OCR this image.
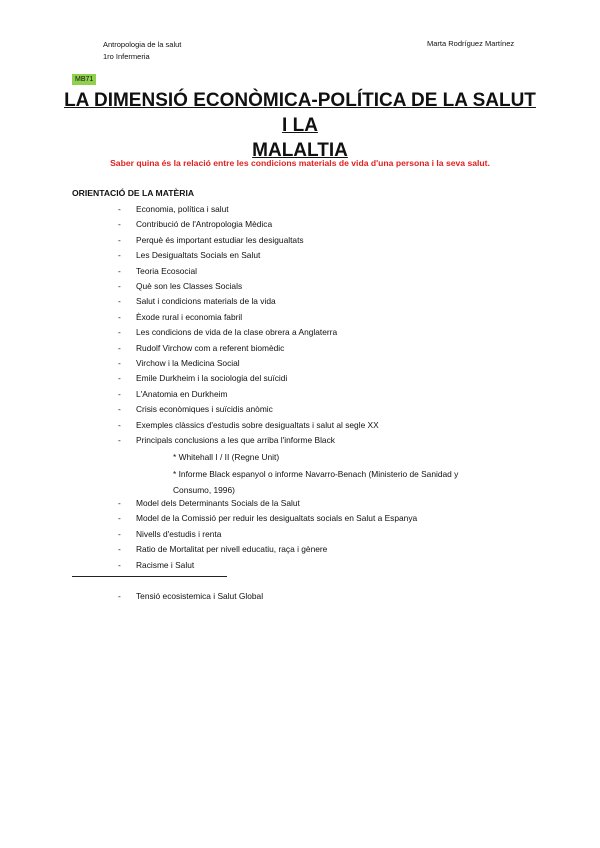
Antropologia de la salut
1ro Infermeria
Marta Rodríguez Martínez
MB71
LA DIMENSIÓ ECONÒMICA-POLÍTICA DE LA SALUT I LA
MALALTIA
Saber quina és la relació entre les condicions materials de vida d'una persona i la seva salut.
ORIENTACIÓ DE LA MATÈRIA
- Economia, política i salut
- Contribució de l'Antropologia Mèdica
- Perquè és important estudiar les desigualtats
- Les Desigualtats Socials en Salut
- Teoria Ecosocial
- Què son les Classes Socials
- Salut i condicions materials de la vida
- Èxode rural i economia fabril
- Les condicions de vida de la clase obrera a Anglaterra
- Rudolf Virchow com a referent biomèdic
- Virchow i la Medicina Social
- Emile Durkheim i la sociologia del suïcidi
- L'Anatomia en Durkheim
- Crisis econòmiques i suïcidis anòmic
- Exemples clàssics d'estudis sobre desigualtats i salut al segle XX
- Principals conclusions a les que arriba l'informe Black
* Whitehall I / II (Regne Unit)
* Informe Black espanyol o informe Navarro-Benach (Ministerio de Sanidad y
Consumo, 1996)
- Model dels Determinants Socials de la Salut
- Model de la Comissió per reduir les desigualtats socials en Salut a Espanya
- Nivells d'estudis i renta
- Ratio de Mortalitat per nivell educatiu, raça i gènere
- Racisme i Salut
- Tensió ecosistemica i Salut Global
